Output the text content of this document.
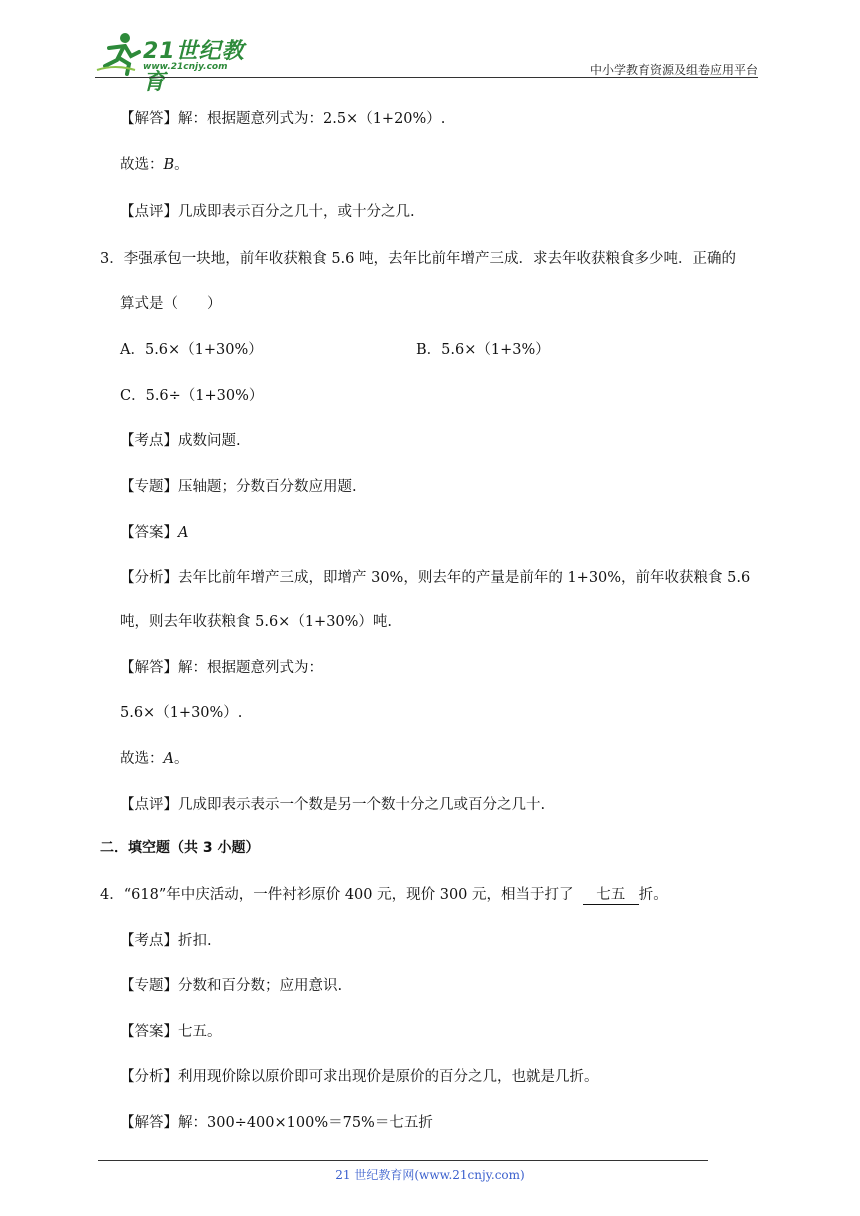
21世纪教育
www.21cnjy.com	中小学教育资源及组卷应用平台
【解答】解：根据题意列式为：2.5×（1+20%）.
故选：B。
【点评】几成即表示百分之几十，或十分之几.
3．李强承包一块地，前年收获粮食 5.6 吨，去年比前年增产三成．求去年收获粮食多少吨．正确的
算式是（　　）
A．5.6×（1+30%）	B．5.6×（1+3%）
C．5.6÷（1+30%）
【考点】成数问题.
【专题】压轴题；分数百分数应用题.
【答案】A
【分析】去年比前年增产三成，即增产 30%，则去年的产量是前年的 1+30%，前年收获粮食 5.6
吨，则去年收获粮食 5.6×（1+30%）吨.
【解答】解：根据题意列式为：
5.6×（1+30%）.
故选：A。
【点评】几成即表示表示一个数是另一个数十分之几或百分之几十.
二．填空题（共 3 小题）
4．“618”年中庆活动，一件衬衫原价 400 元，现价 300 元，相当于打了 七五 折。
【考点】折扣.
【专题】分数和百分数；应用意识.
【答案】七五。
【分析】利用现价除以原价即可求出现价是原价的百分之几，也就是几折。
【解答】解：300÷400×100%＝75%＝七五折
21 世纪教育网(www.21cnjy.com)
